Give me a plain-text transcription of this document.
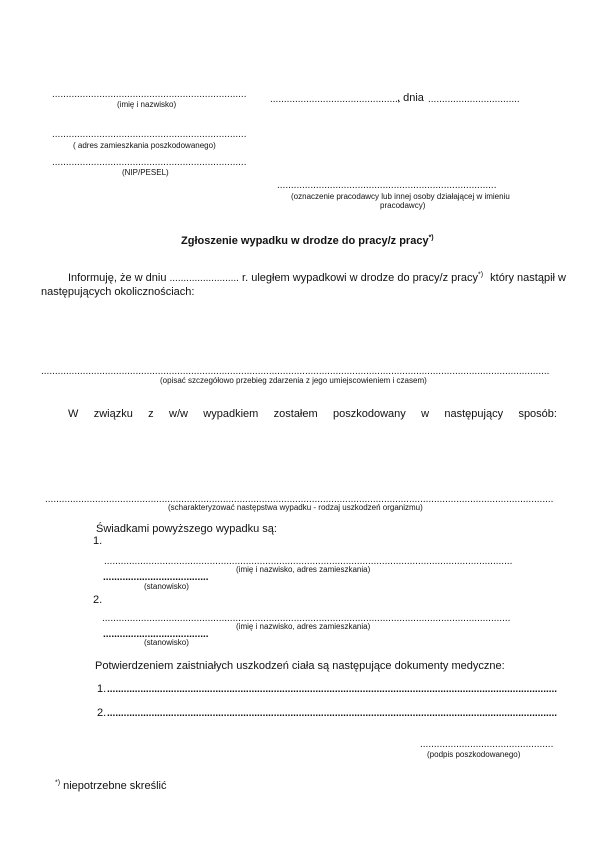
......................................................................
(imię i nazwisko)	...............................................
, dnia .................................
......................................................................
( adres zamieszkania poszkodowanego)
......................................................................
(NIP/PESEL)
...............................................................................
(oznaczenie pracodawcy lub innej osoby działającej w imieniu
pracodawcy)
Zgłoszenie wypadku w drodze do pracy/z pracy*)
Informuję, że w dniu ......................... r. uległem wypadkowi w drodze do pracy/z pracy*) który nastąpił w
następujących okolicznościach:
.......................................................................................................................................................................................
(opisać szczegółowo przebieg zdarzenia z jego umiejscowieniem i czasem)
W związku z w/w wypadkiem zostałem poszkodowany w następujący sposób:
.......................................................................................................................................................................................
(scharakteryzować następstwa wypadku - rodzaj uszkodzeń organizmu)
Świadkami powyższego wypadku są:
1.
...................................................................................................................................................
(imię i nazwisko, adres zamieszkania)
......................................
(stanowisko)
2.
...................................................................................................................................................
(imię i nazwisko, adres zamieszkania)
......................................
(stanowisko)
Potwierdzeniem zaistniałych uszkodzeń ciała są następujące dokumenty medyczne:
1. ..................................................................................................................................................................
2. ..................................................................................................................................................................
................................................
(podpis poszkodowanego)
*) niepotrzebne skreślić
